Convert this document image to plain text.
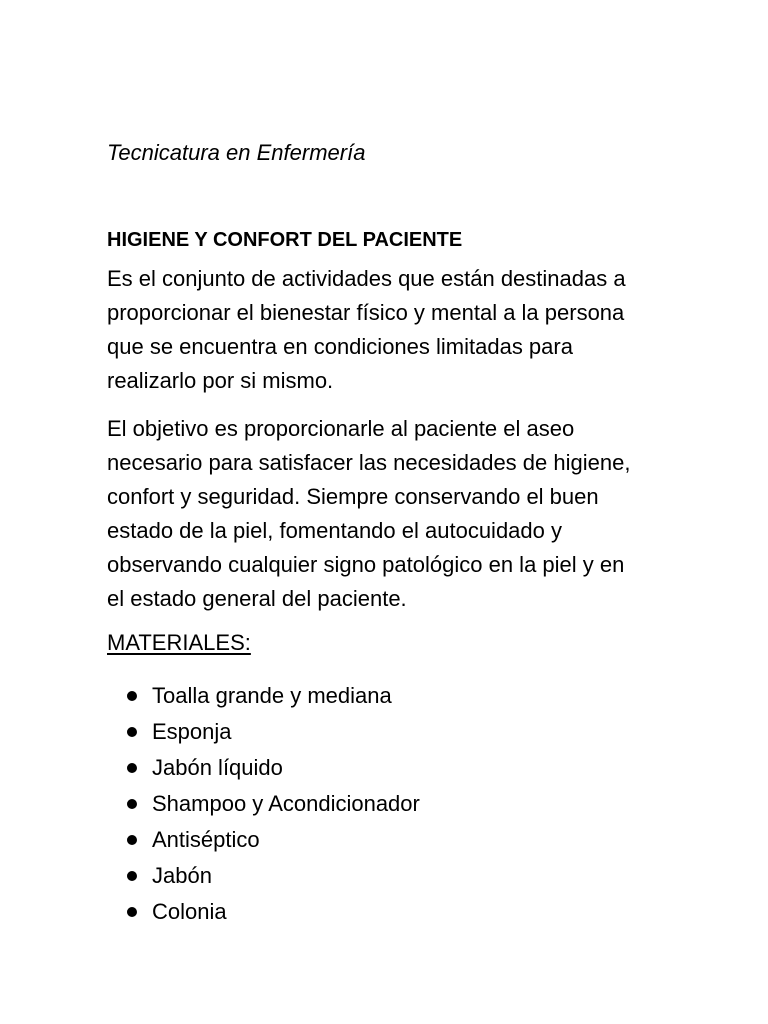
Tecnicatura en Enfermería

HIGIENE Y CONFORT DEL PACIENTE

Es el conjunto de actividades que están destinadas a
proporcionar el bienestar físico y mental a la persona
que se encuentra en condiciones limitadas para
realizarlo por si mismo.

El objetivo es proporcionarle al paciente el aseo
necesario para satisfacer las necesidades de higiene,
confort y seguridad. Siempre conservando el buen
estado de la piel, fomentando el autocuidado y
observando cualquier signo patológico en la piel y en
el estado general del paciente.

MATERIALES:

Toalla grande y mediana
Esponja
Jabón líquido
Shampoo y Acondicionador
Antiséptico
Jabón
Colonia
